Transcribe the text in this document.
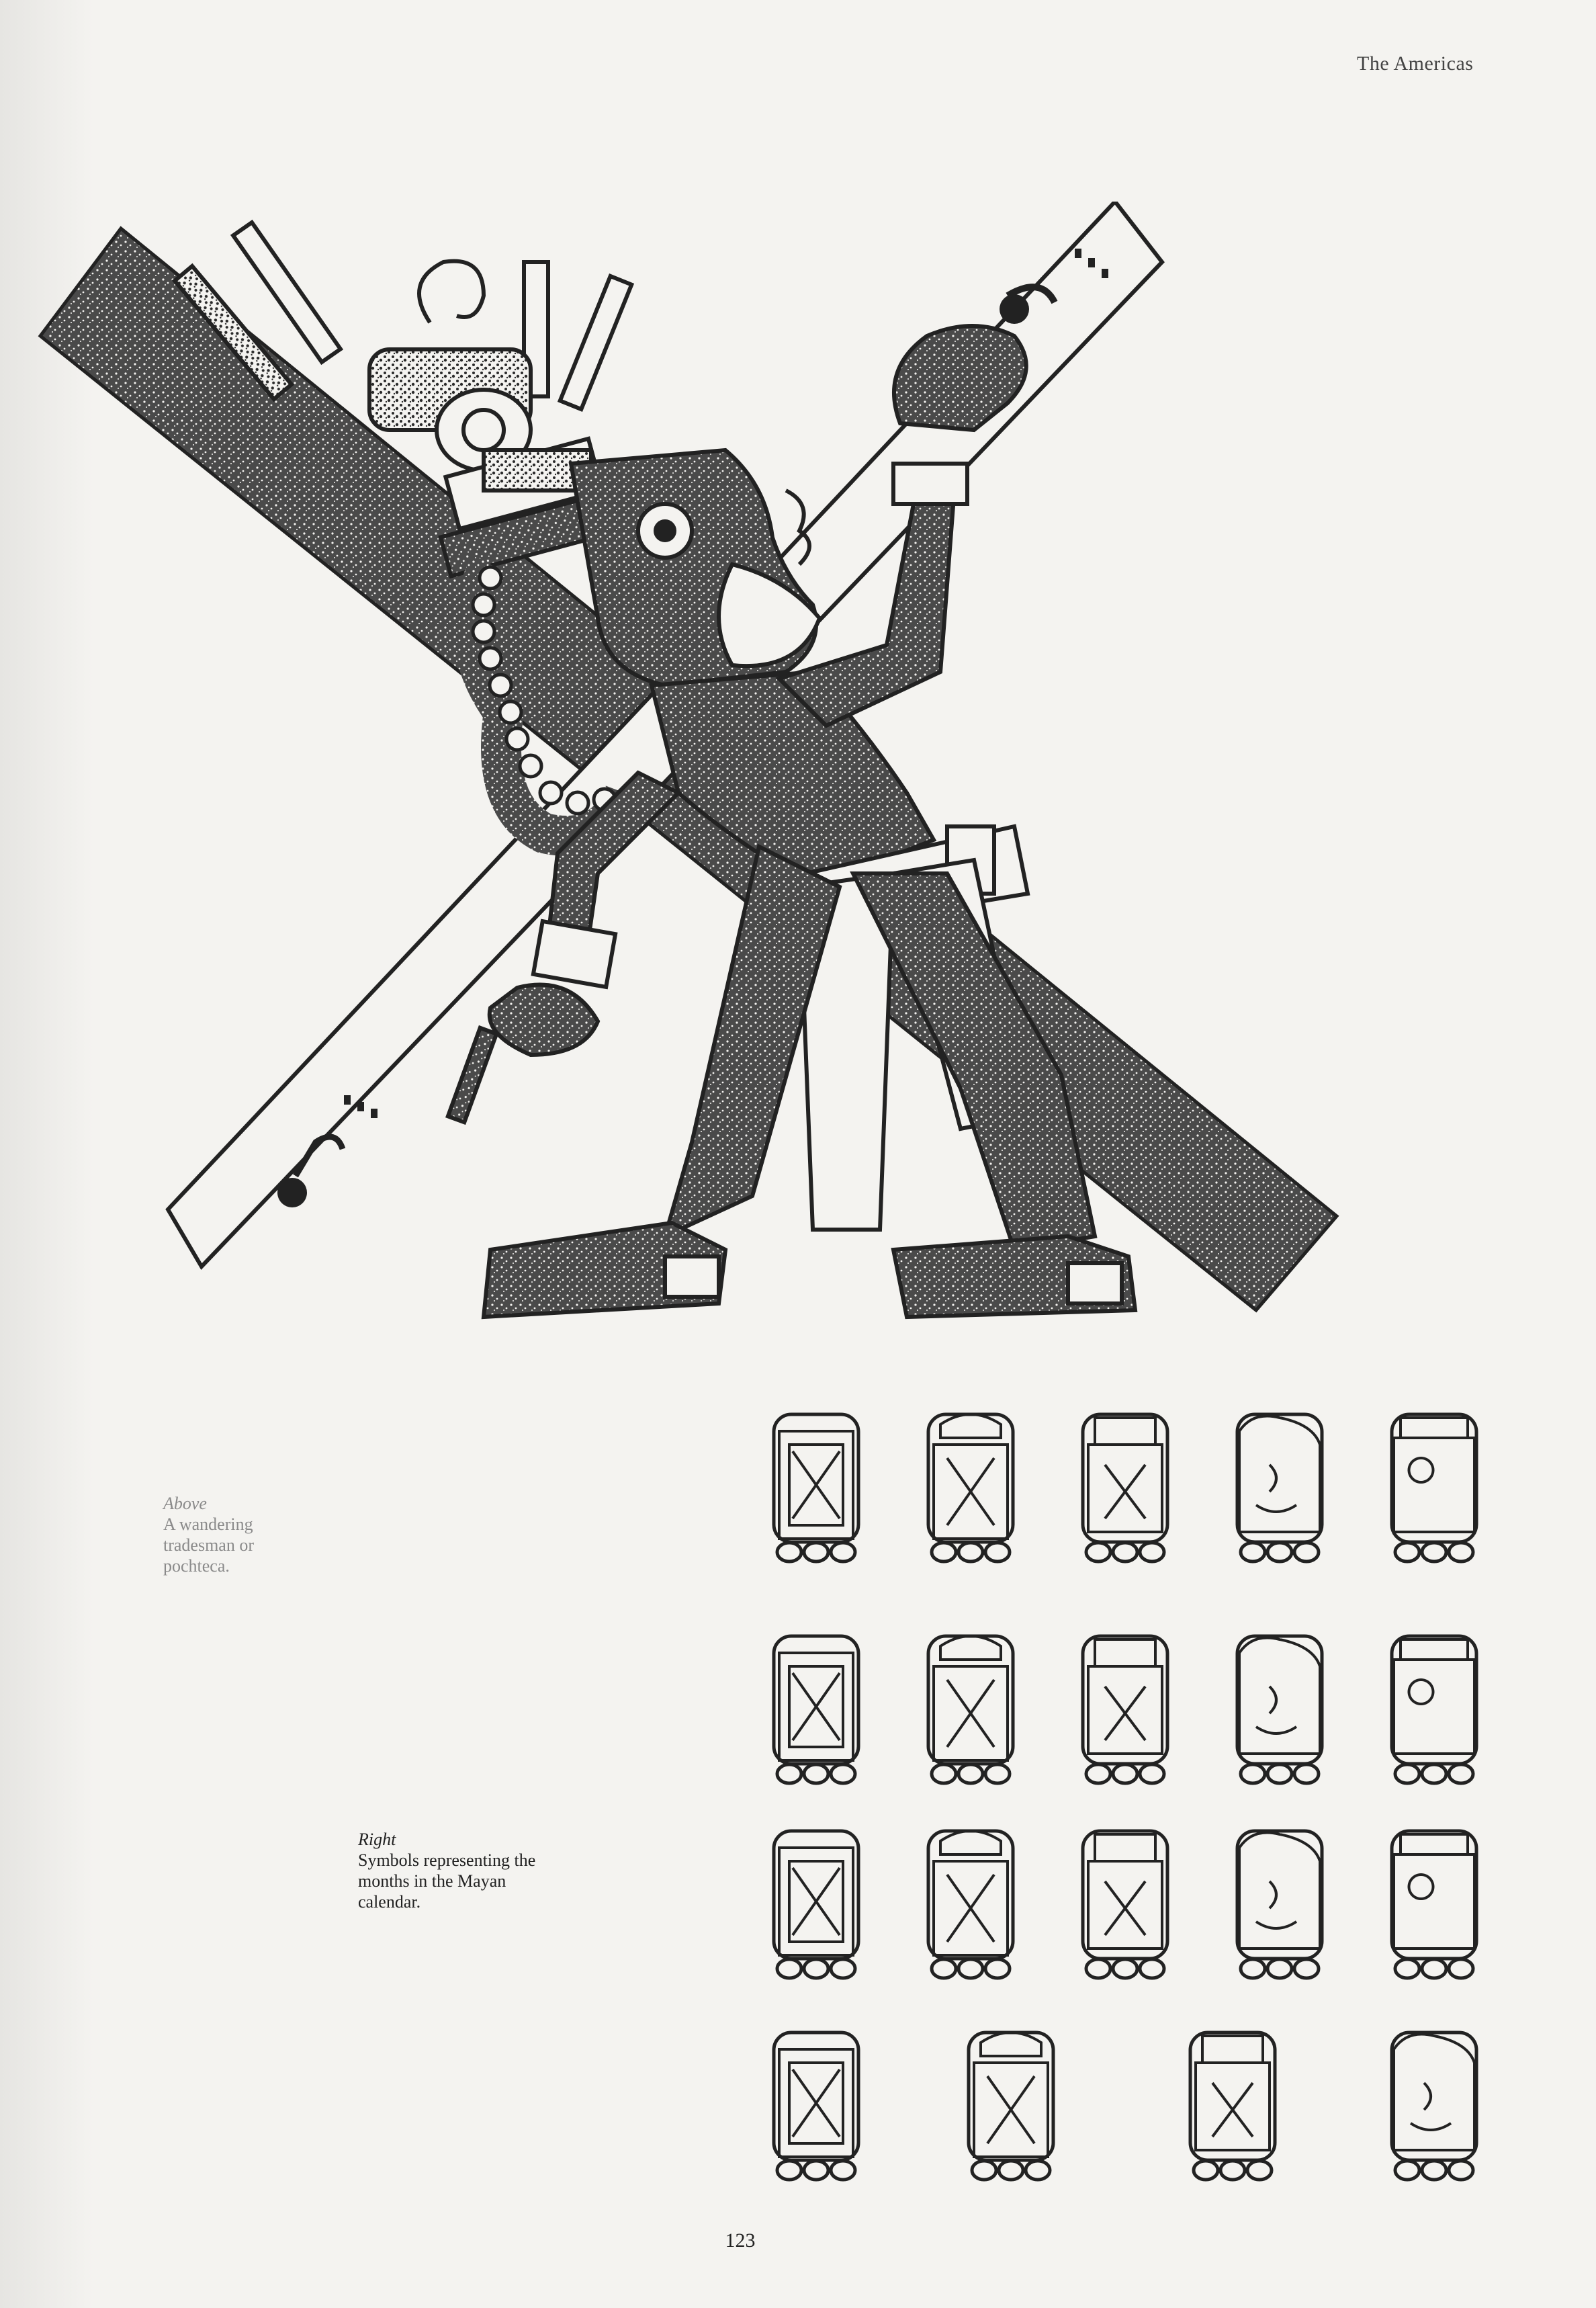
The Americas
Above
A wandering tradesman or pochteca.
Right
Symbols representing the months in the Mayan calendar.
123
